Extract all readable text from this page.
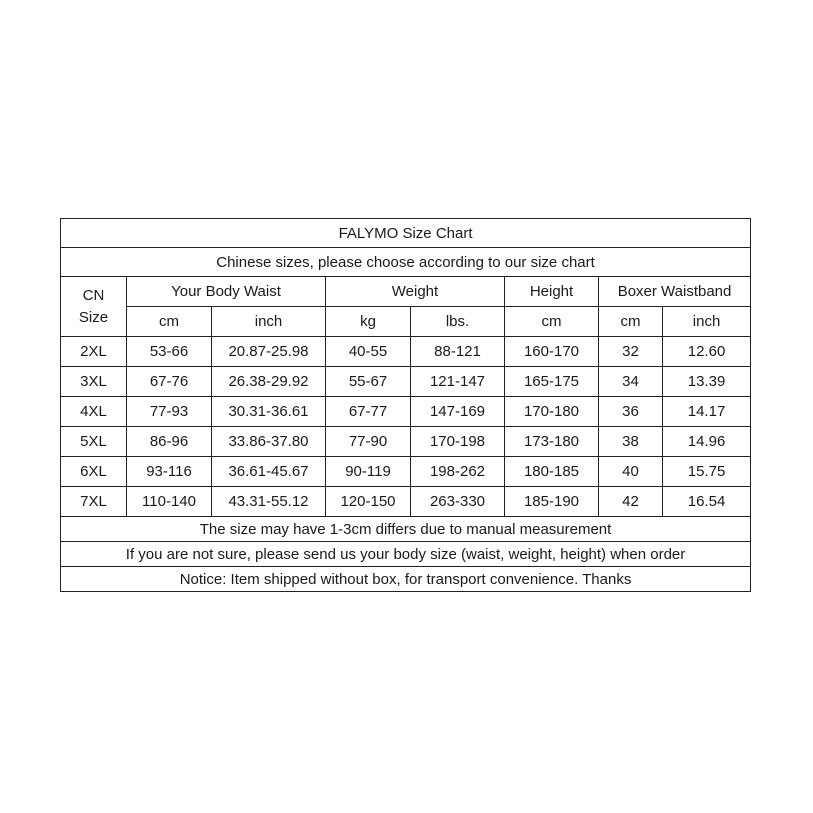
FALYMO Size Chart							
Chinese sizes, please choose according to our size chart							
CN
Size	Your Body Waist		Weight		Height	Boxer Waistband	
	cm	inch	kg	lbs.	cm	cm	inch
2XL	53-66	20.87-25.98	40-55	88-121	160-170	32	12.60
3XL	67-76	26.38-29.92	55-67	121-147	165-175	34	13.39
4XL	77-93	30.31-36.61	67-77	147-169	170-180	36	14.17
5XL	86-96	33.86-37.80	77-90	170-198	173-180	38	14.96
6XL	93-116	36.61-45.67	90-119	198-262	180-185	40	15.75
7XL	110-140	43.31-55.12	120-150	263-330	185-190	42	16.54
The size may have 1-3cm differs due to manual measurement							
If you are not sure, please send us your body size (waist, weight, height) when order							
Notice: Item shipped without box, for transport convenience. Thanks							
